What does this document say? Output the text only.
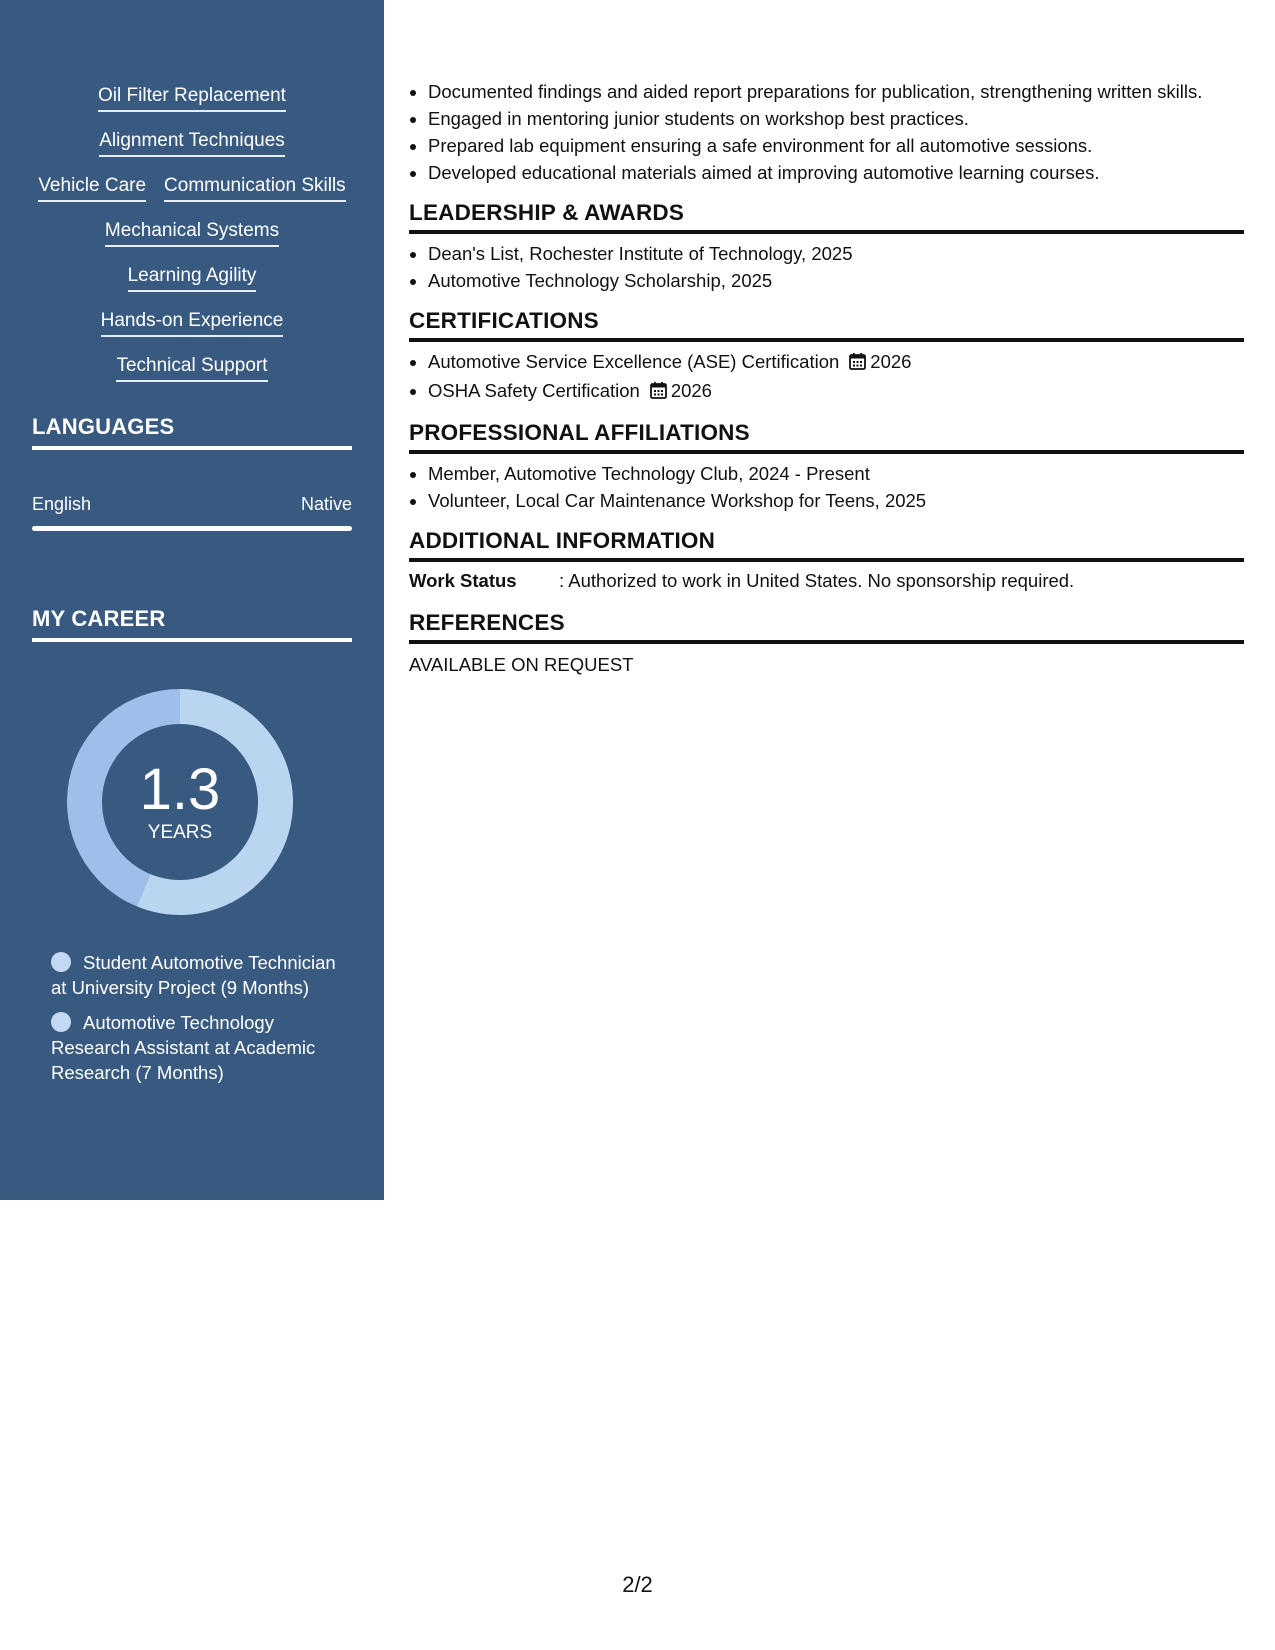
Oil Filter Replacement
Alignment Techniques
Vehicle Care Communication Skills
Mechanical Systems
Learning Agility
Hands-on Experience
Technical Support
LANGUAGES
English	Native
MY CAREER
1.3
YEARS
Student Automotive Technician at University Project (9 Months)
Automotive Technology Research Assistant at Academic Research (7 Months)
• Documented findings and aided report preparations for publication, strengthening written skills.
• Engaged in mentoring junior students on workshop best practices.
• Prepared lab equipment ensuring a safe environment for all automotive sessions.
• Developed educational materials aimed at improving automotive learning courses.
LEADERSHIP & AWARDS
• Dean's List, Rochester Institute of Technology, 2025
• Automotive Technology Scholarship, 2025
CERTIFICATIONS
• Automotive Service Excellence (ASE) Certification 2026
• OSHA Safety Certification 2026
PROFESSIONAL AFFILIATIONS
• Member, Automotive Technology Club, 2024 - Present
• Volunteer, Local Car Maintenance Workshop for Teens, 2025
ADDITIONAL INFORMATION
Work Status	: Authorized to work in United States. No sponsorship required.
REFERENCES
AVAILABLE ON REQUEST
2/2
